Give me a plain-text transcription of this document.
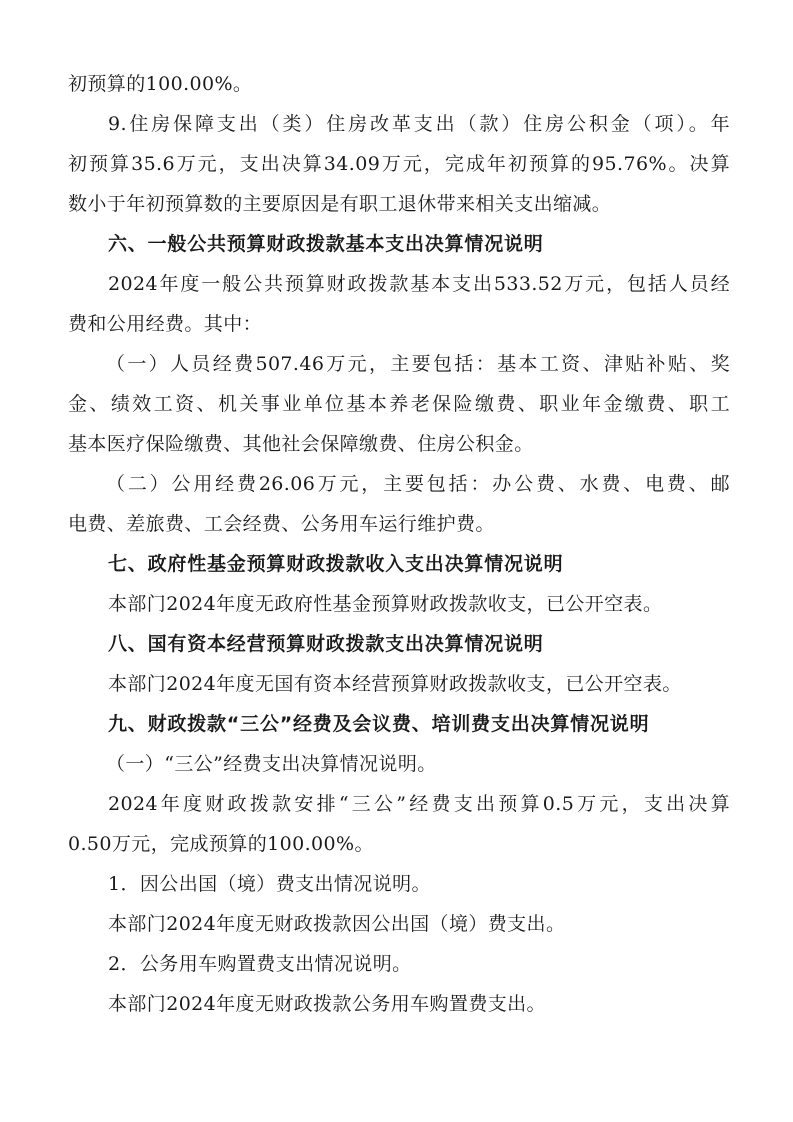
初预算的100.00%。
9.住房保障支出（类）住房改革支出（款）住房公积金（项）。年
初预算35.6万元，支出决算34.09万元，完成年初预算的95.76%。决算
数小于年初预算数的主要原因是有职工退休带来相关支出缩减。
六、一般公共预算财政拨款基本支出决算情况说明
2024年度一般公共预算财政拨款基本支出533.52万元，包括人员经
费和公用经费。其中：
（一）人员经费507.46万元，主要包括：基本工资、津贴补贴、奖
金、绩效工资、机关事业单位基本养老保险缴费、职业年金缴费、职工
基本医疗保险缴费、其他社会保障缴费、住房公积金。
（二）公用经费26.06万元，主要包括：办公费、水费、电费、邮
电费、差旅费、工会经费、公务用车运行维护费。
七、政府性基金预算财政拨款收入支出决算情况说明
本部门2024年度无政府性基金预算财政拨款收支，已公开空表。
八、国有资本经营预算财政拨款支出决算情况说明
本部门2024年度无国有资本经营预算财政拨款收支，已公开空表。
九、财政拨款“三公”经费及会议费、培训费支出决算情况说明
（一）“三公”经费支出决算情况说明。
2024年度财政拨款安排“三公”经费支出预算0.5万元，支出决算
0.50万元，完成预算的100.00%。
1．因公出国（境）费支出情况说明。
本部门2024年度无财政拨款因公出国（境）费支出。
2．公务用车购置费支出情况说明。
本部门2024年度无财政拨款公务用车购置费支出。
